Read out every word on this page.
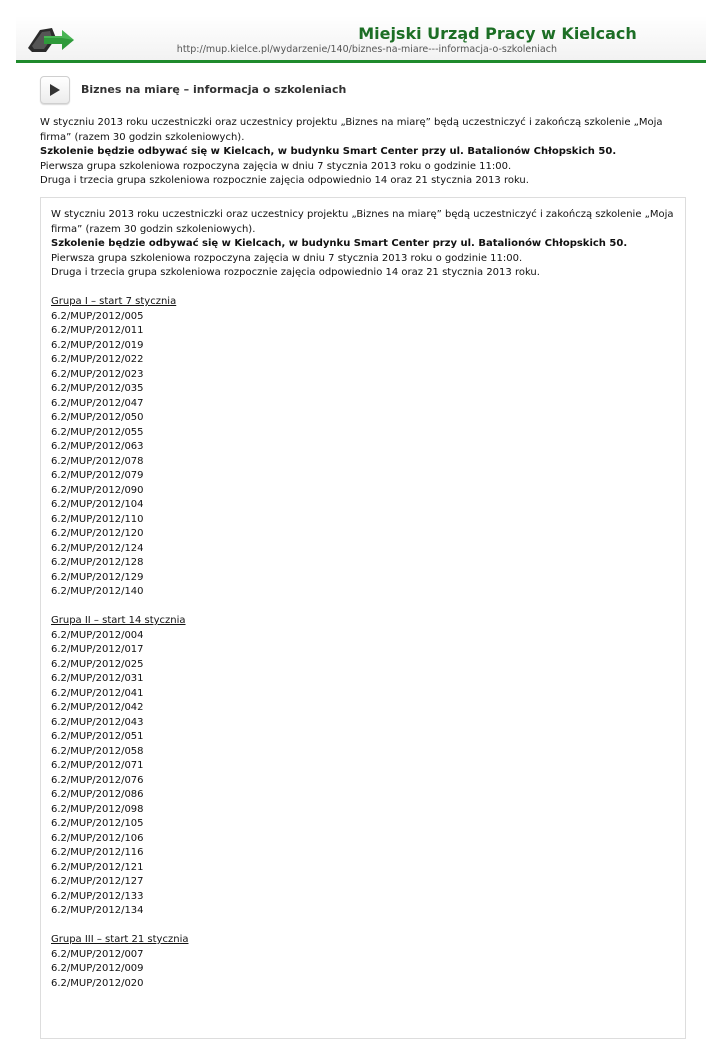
Miejski Urząd Pracy w Kielcach
http://mup.kielce.pl/wydarzenie/140/biznes-na-miare---informacja-o-szkoleniach
Biznes na miarę – informacja o szkoleniach

W styczniu 2013 roku uczestniczki oraz uczestnicy projektu „Biznes na miarę” będą uczestniczyć i zakończą szkolenie „Moja firma” (razem 30 godzin szkoleniowych).

Szkolenie będzie odbywać się w Kielcach, w budynku Smart Center przy ul. Batalionów Chłopskich 50.

Pierwsza grupa szkoleniowa rozpoczyna zajęcia w dniu 7 stycznia 2013 roku o godzinie 11:00.

Druga i trzecia grupa szkoleniowa rozpocznie zajęcia odpowiednio 14 oraz 21 stycznia 2013 roku.

W styczniu 2013 roku uczestniczki oraz uczestnicy projektu „Biznes na miarę” będą uczestniczyć i zakończą szkolenie „Moja firma” (razem 30 godzin szkoleniowych).

Szkolenie będzie odbywać się w Kielcach, w budynku Smart Center przy ul. Batalionów Chłopskich 50.

Pierwsza grupa szkoleniowa rozpoczyna zajęcia w dniu 7 stycznia 2013 roku o godzinie 11:00.

Druga i trzecia grupa szkoleniowa rozpocznie zajęcia odpowiednio 14 oraz 21 stycznia 2013 roku.

Grupa I – start 7 stycznia
6.2/MUP/2012/005
6.2/MUP/2012/011
6.2/MUP/2012/019
6.2/MUP/2012/022
6.2/MUP/2012/023
6.2/MUP/2012/035
6.2/MUP/2012/047
6.2/MUP/2012/050
6.2/MUP/2012/055
6.2/MUP/2012/063
6.2/MUP/2012/078
6.2/MUP/2012/079
6.2/MUP/2012/090
6.2/MUP/2012/104
6.2/MUP/2012/110
6.2/MUP/2012/120
6.2/MUP/2012/124
6.2/MUP/2012/128
6.2/MUP/2012/129
6.2/MUP/2012/140
Grupa II – start 14 stycznia
6.2/MUP/2012/004
6.2/MUP/2012/017
6.2/MUP/2012/025
6.2/MUP/2012/031
6.2/MUP/2012/041
6.2/MUP/2012/042
6.2/MUP/2012/043
6.2/MUP/2012/051
6.2/MUP/2012/058
6.2/MUP/2012/071
6.2/MUP/2012/076
6.2/MUP/2012/086
6.2/MUP/2012/098
6.2/MUP/2012/105
6.2/MUP/2012/106
6.2/MUP/2012/116
6.2/MUP/2012/121
6.2/MUP/2012/127
6.2/MUP/2012/133
6.2/MUP/2012/134
Grupa III – start 21 stycznia
6.2/MUP/2012/007
6.2/MUP/2012/009
6.2/MUP/2012/020
